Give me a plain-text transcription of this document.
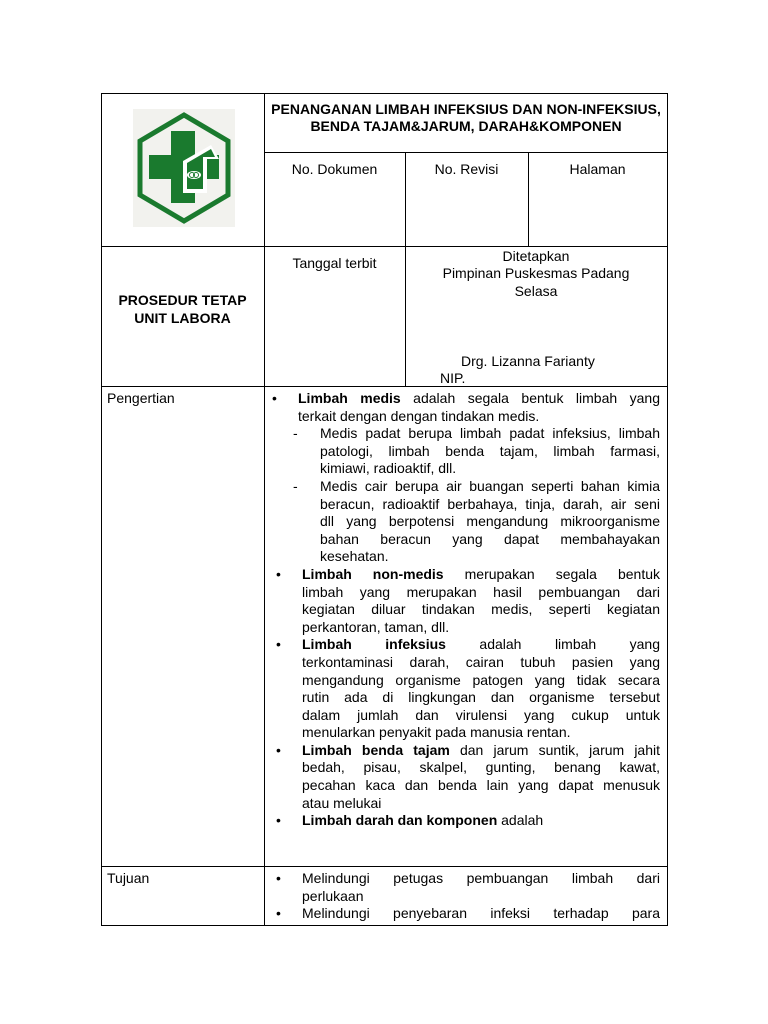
PENANGANAN LIMBAH INFEKSIUS DAN NON-INFEKSIUS,
BENDA TAJAM&JARUM, DARAH&KOMPONEN
No. Dokumen	No. Revisi	Halaman
Tanggal terbit	Ditetapkan
Pimpinan Puskesmas Padang
Selasa
Drg. Lizanna Farianty
NIP.
PROSEDUR TETAP
UNIT LABORA
Pengertian	• Limbah medis adalah segala bentuk limbah yang
terkait dengan dengan tindakan medis.
- Medis padat berupa limbah padat infeksius, limbah
patologi, limbah benda tajam, limbah farmasi,
kimiawi, radioaktif, dll.
- Medis cair berupa air buangan seperti bahan kimia
beracun, radioaktif berbahaya, tinja, darah, air seni
dll yang berpotensi mengandung mikroorganisme
bahan beracun yang dapat membahayakan
kesehatan.
• Limbah non-medis merupakan segala bentuk
limbah yang merupakan hasil pembuangan dari
kegiatan diluar tindakan medis, seperti kegiatan
perkantoran, taman, dll.
• Limbah infeksius adalah limbah yang
terkontaminasi darah, cairan tubuh pasien yang
mengandung organisme patogen yang tidak secara
rutin ada di lingkungan dan organisme tersebut
dalam jumlah dan virulensi yang cukup untuk
menularkan penyakit pada manusia rentan.
• Limbah benda tajam dan jarum suntik, jarum jahit
bedah, pisau, skalpel, gunting, benang kawat,
pecahan kaca dan benda lain yang dapat menusuk
atau melukai
• Limbah darah dan komponen adalah
Tujuan	• Melindungi petugas pembuangan limbah dari
perlukaan
• Melindungi penyebaran infeksi terhadap para
